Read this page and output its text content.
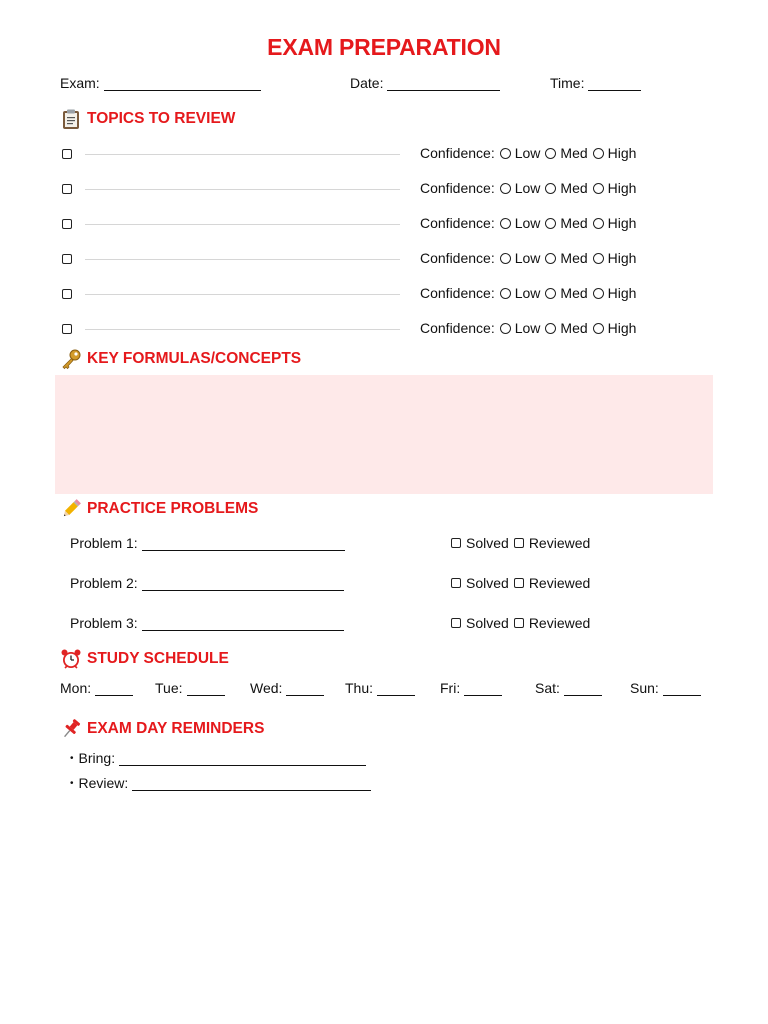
EXAM PREPARATION
Exam:	Date:	Time:
TOPICS TO REVIEW
Confidence: Low Med High
Confidence: Low Med High
Confidence: Low Med High
Confidence: Low Med High
Confidence: Low Med High
Confidence: Low Med High
KEY FORMULAS/CONCEPTS
PRACTICE PROBLEMS
Problem 1:	Solved Reviewed
Problem 2:	Solved Reviewed
Problem 3:	Solved Reviewed
STUDY SCHEDULE
Mon:	Tue:	Wed:	Thu:	Fri:	Sat:	Sun:
EXAM DAY REMINDERS
• Bring:
• Review:
